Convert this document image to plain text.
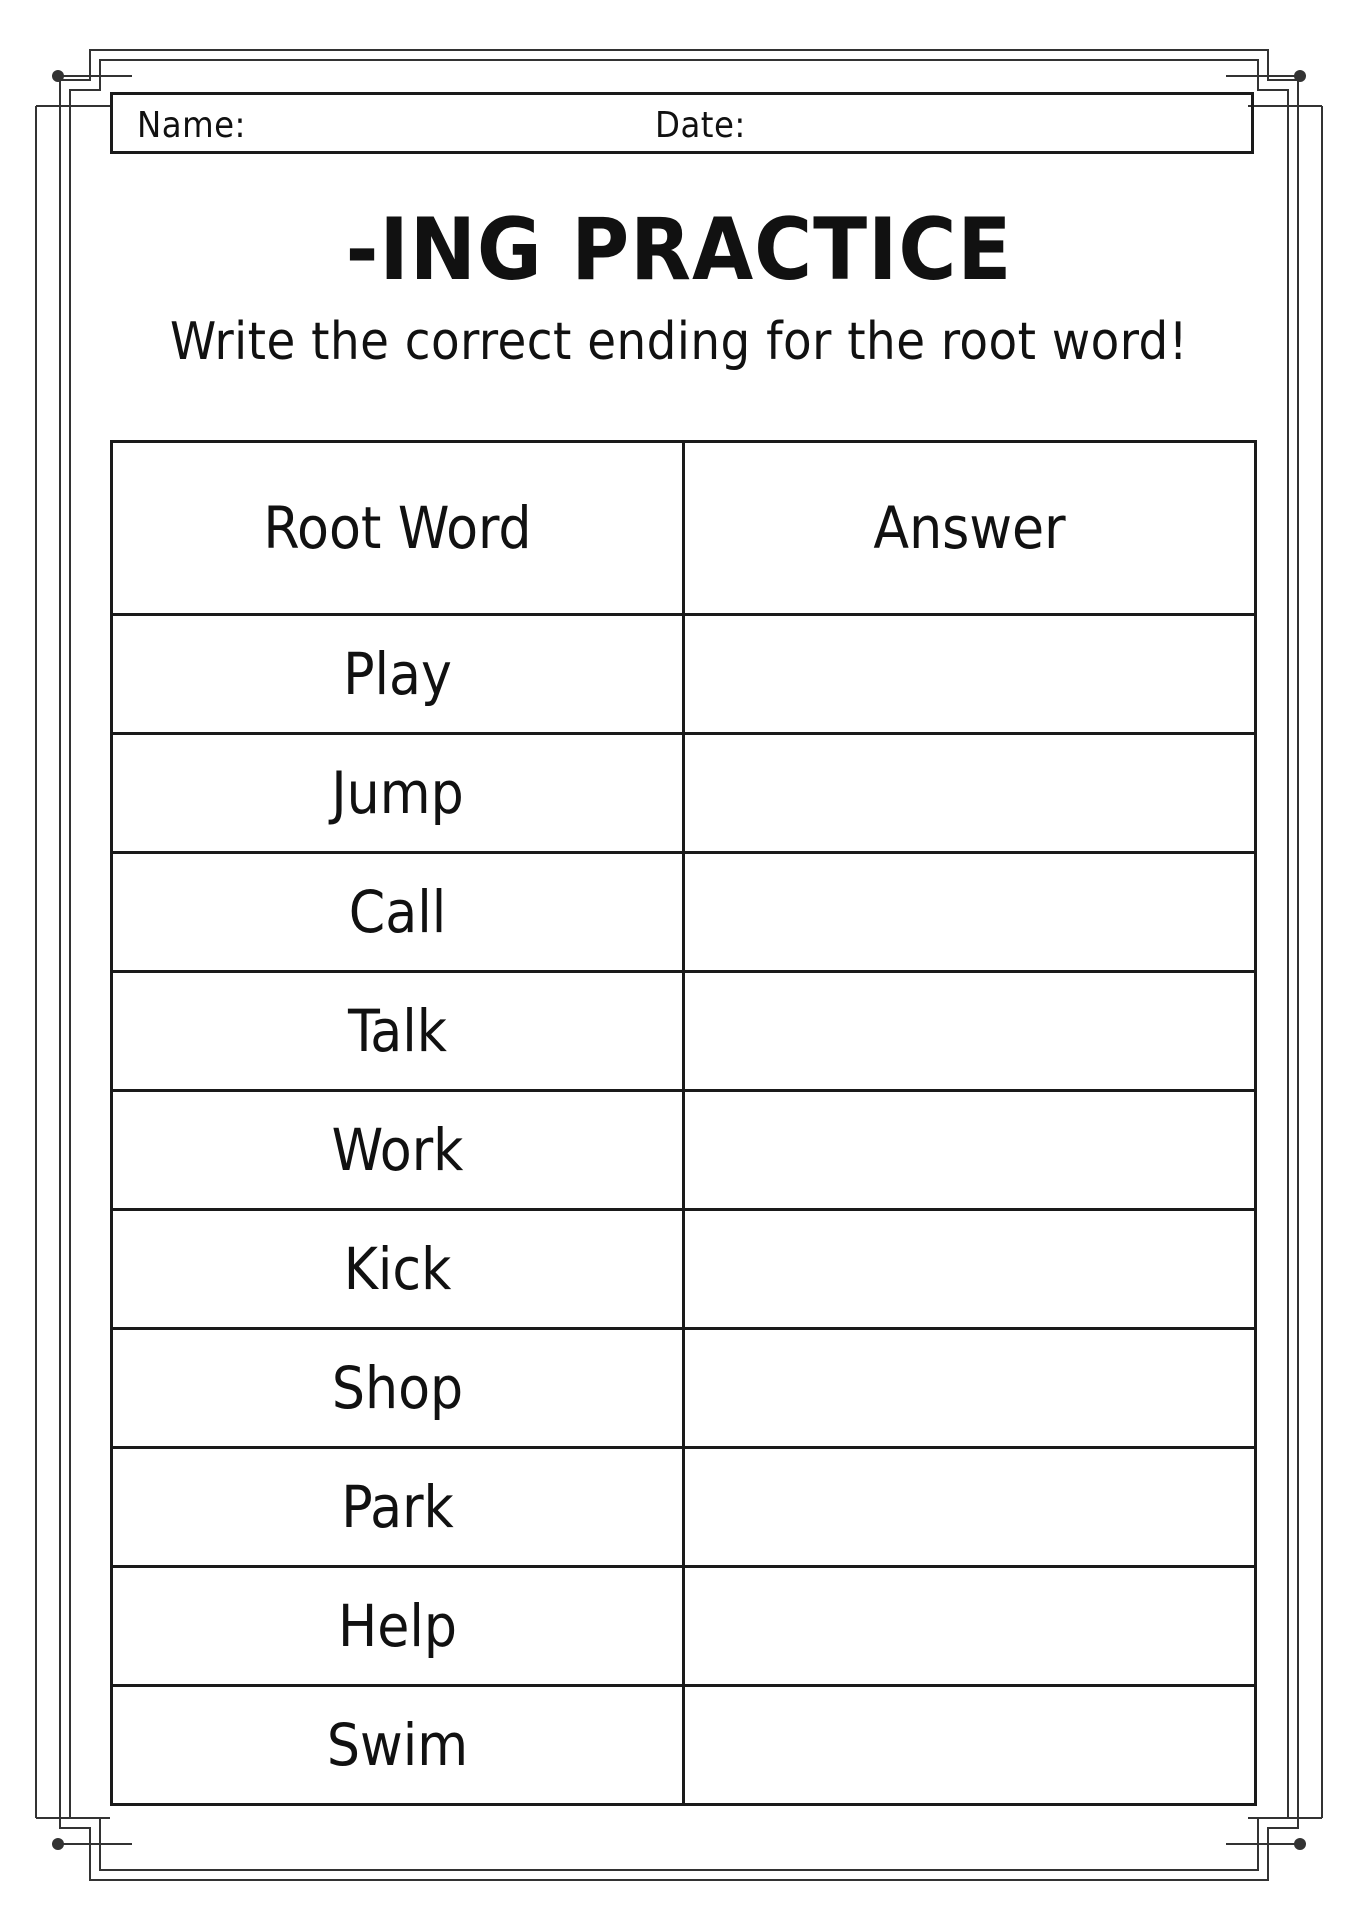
Name:	Date:
-ING PRACTICE
Write the correct ending for the root word!
Root Word	Answer
Play	
Jump	
Call	
Talk	
Work	
Kick	
Shop	
Park	
Help	
Swim	
